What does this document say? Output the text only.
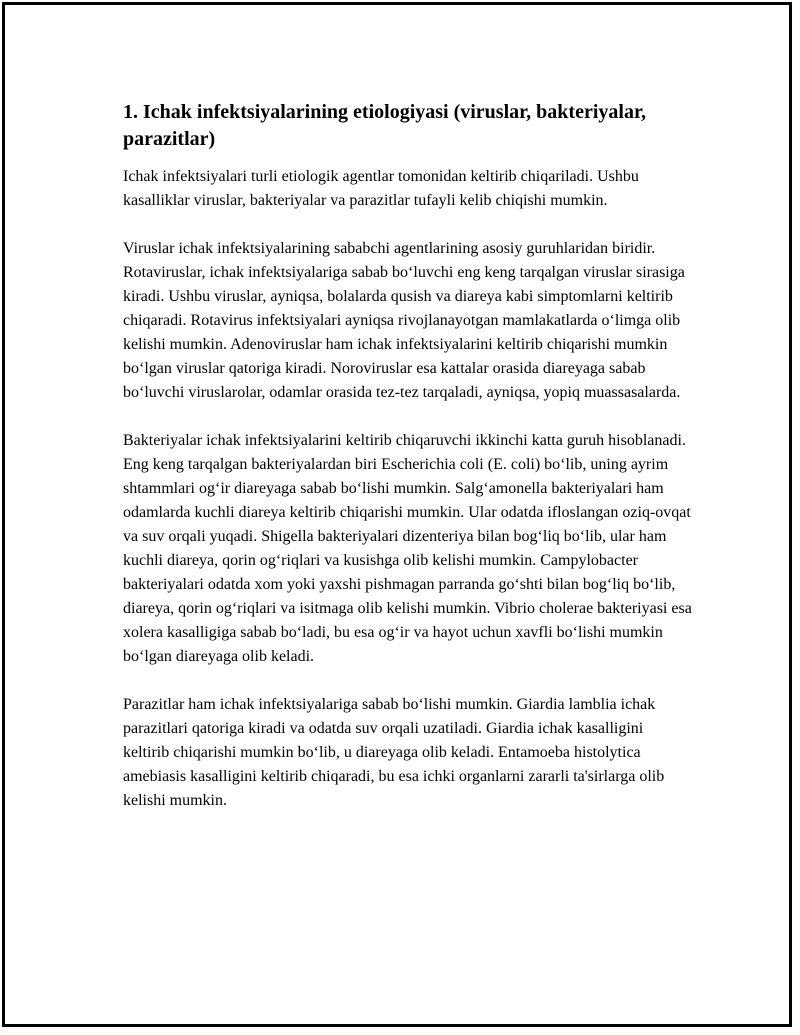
1. Ichak infektsiyalarining etiologiyasi (viruslar, bakteriyalar, parazitlar)

Ichak infektsiyalari turli etiologik agentlar tomonidan keltirib chiqariladi. Ushbu kasalliklar viruslar, bakteriyalar va parazitlar tufayli kelib chiqishi mumkin.

Viruslar ichak infektsiyalarining sababchi agentlarining asosiy guruhlaridan biridir. Rotaviruslar, ichak infektsiyalariga sabab bo‘luvchi eng keng tarqalgan viruslar sirasiga kiradi. Ushbu viruslar, ayniqsa, bolalarda qusish va diareya kabi simptomlarni keltirib chiqaradi. Rotavirus infektsiyalari ayniqsa rivojlanayotgan mamlakatlarda o‘limga olib kelishi mumkin. Adenoviruslar ham ichak infektsiyalarini keltirib chiqarishi mumkin bo‘lgan viruslar qatoriga kiradi. Noroviruslar esa kattalar orasida diareyaga sabab bo‘luvchi viruslarolar, odamlar orasida tez-tez tarqaladi, ayniqsa, yopiq muassasalarda.

Bakteriyalar ichak infektsiyalarini keltirib chiqaruvchi ikkinchi katta guruh hisoblanadi. Eng keng tarqalgan bakteriyalardan biri Escherichia coli (E. coli) bo‘lib, uning ayrim shtammlari og‘ir diareyaga sabab bo‘lishi mumkin. Salg‘amonella bakteriyalari ham odamlarda kuchli diareya keltirib chiqarishi mumkin. Ular odatda ifloslangan oziq-ovqat va suv orqali yuqadi. Shigella bakteriyalari dizenteriya bilan bog‘liq bo‘lib, ular ham kuchli diareya, qorin og‘riqlari va kusishga olib kelishi mumkin. Campylobacter bakteriyalari odatda xom yoki yaxshi pishmagan parranda go‘shti bilan bog‘liq bo‘lib, diareya, qorin og‘riqlari va isitmaga olib kelishi mumkin. Vibrio cholerae bakteriyasi esa xolera kasalligiga sabab bo‘ladi, bu esa og‘ir va hayot uchun xavfli bo‘lishi mumkin bo‘lgan diareyaga olib keladi.

Parazitlar ham ichak infektsiyalariga sabab bo‘lishi mumkin. Giardia lamblia ichak parazitlari qatoriga kiradi va odatda suv orqali uzatiladi. Giardia ichak kasalligini keltirib chiqarishi mumkin bo‘lib, u diareyaga olib keladi. Entamoeba histolytica amebiasis kasalligini keltirib chiqaradi, bu esa ichki organlarni zararli ta'sirlarga olib kelishi mumkin.
